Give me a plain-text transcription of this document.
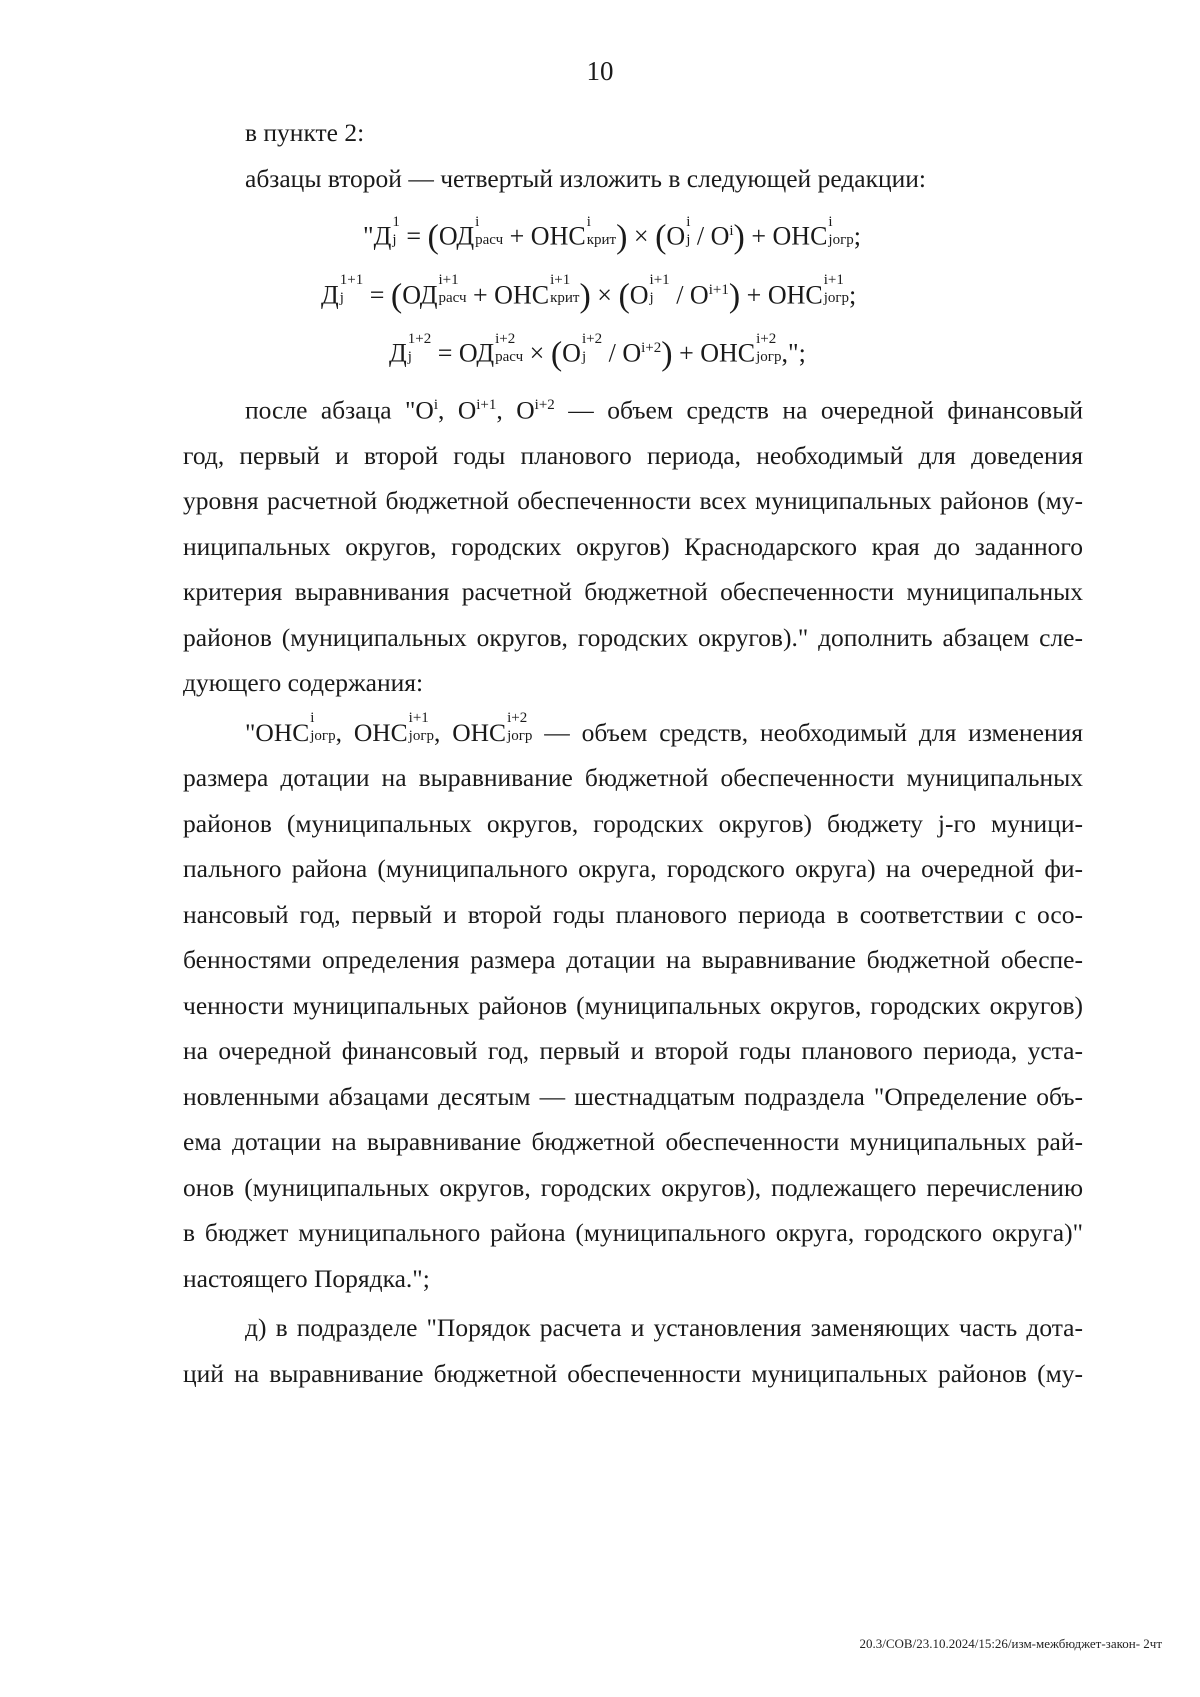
10
в пункте 2:
абзацы второй — четвертый изложить в следующей редакции:
"Д 1
j = (ОД i
расч + ОНС i
крит ) × (О i
j / $О^i$) + ОНС i
jогр ;
Д 1+1
j = (ОД i+1
расч + ОНС i+1
крит ) × (О i+1
j / $О^{i+1}$) + ОНС i+1
jогр ;
Д 1+2
j = ОД i+2
расч × (О i+2
j / $О^{i+2}$) + ОНС i+2
jогр ,";
после абзаца "$О^i$, $О^{i+1}$, $О^{i+2}$ — объем средств на очередной финансовый
год, первый и второй годы планового периода, необходимый для доведения
уровня расчетной бюджетной обеспеченности всех муниципальных районов (му-
ниципальных округов, городских округов) Краснодарского края до заданного
критерия выравнивания расчетной бюджетной обеспеченности муниципальных
районов (муниципальных округов, городских округов)." дополнить абзацем сле-
дующего содержания:
"ОНС i
jогр , ОНС i+1
jогр , ОНС i+2
jогр — объем средств, необходимый для изменения
размера дотации на выравнивание бюджетной обеспеченности муниципальных
районов (муниципальных округов, городских округов) бюджету j-го муници-
пального района (муниципального округа, городского округа) на очередной фи-
нансовый год, первый и второй годы планового периода в соответствии с осо-
бенностями определения размера дотации на выравнивание бюджетной обеспе-
ченности муниципальных районов (муниципальных округов, городских округов)
на очередной финансовый год, первый и второй годы планового периода, уста-
новленными абзацами десятым — шестнадцатым подраздела "Определение объ-
ема дотации на выравнивание бюджетной обеспеченности муниципальных рай-
онов (муниципальных округов, городских округов), подлежащего перечислению
в бюджет муниципального района (муниципального округа, городского округа)"
настоящего Порядка.";
д) в подразделе "Порядок расчета и установления заменяющих часть дота-
ций на выравнивание бюджетной обеспеченности муниципальных районов (му-
20.3/СОВ/23.10.2024/15:26/изм-межбюджет-закон- 2чт
